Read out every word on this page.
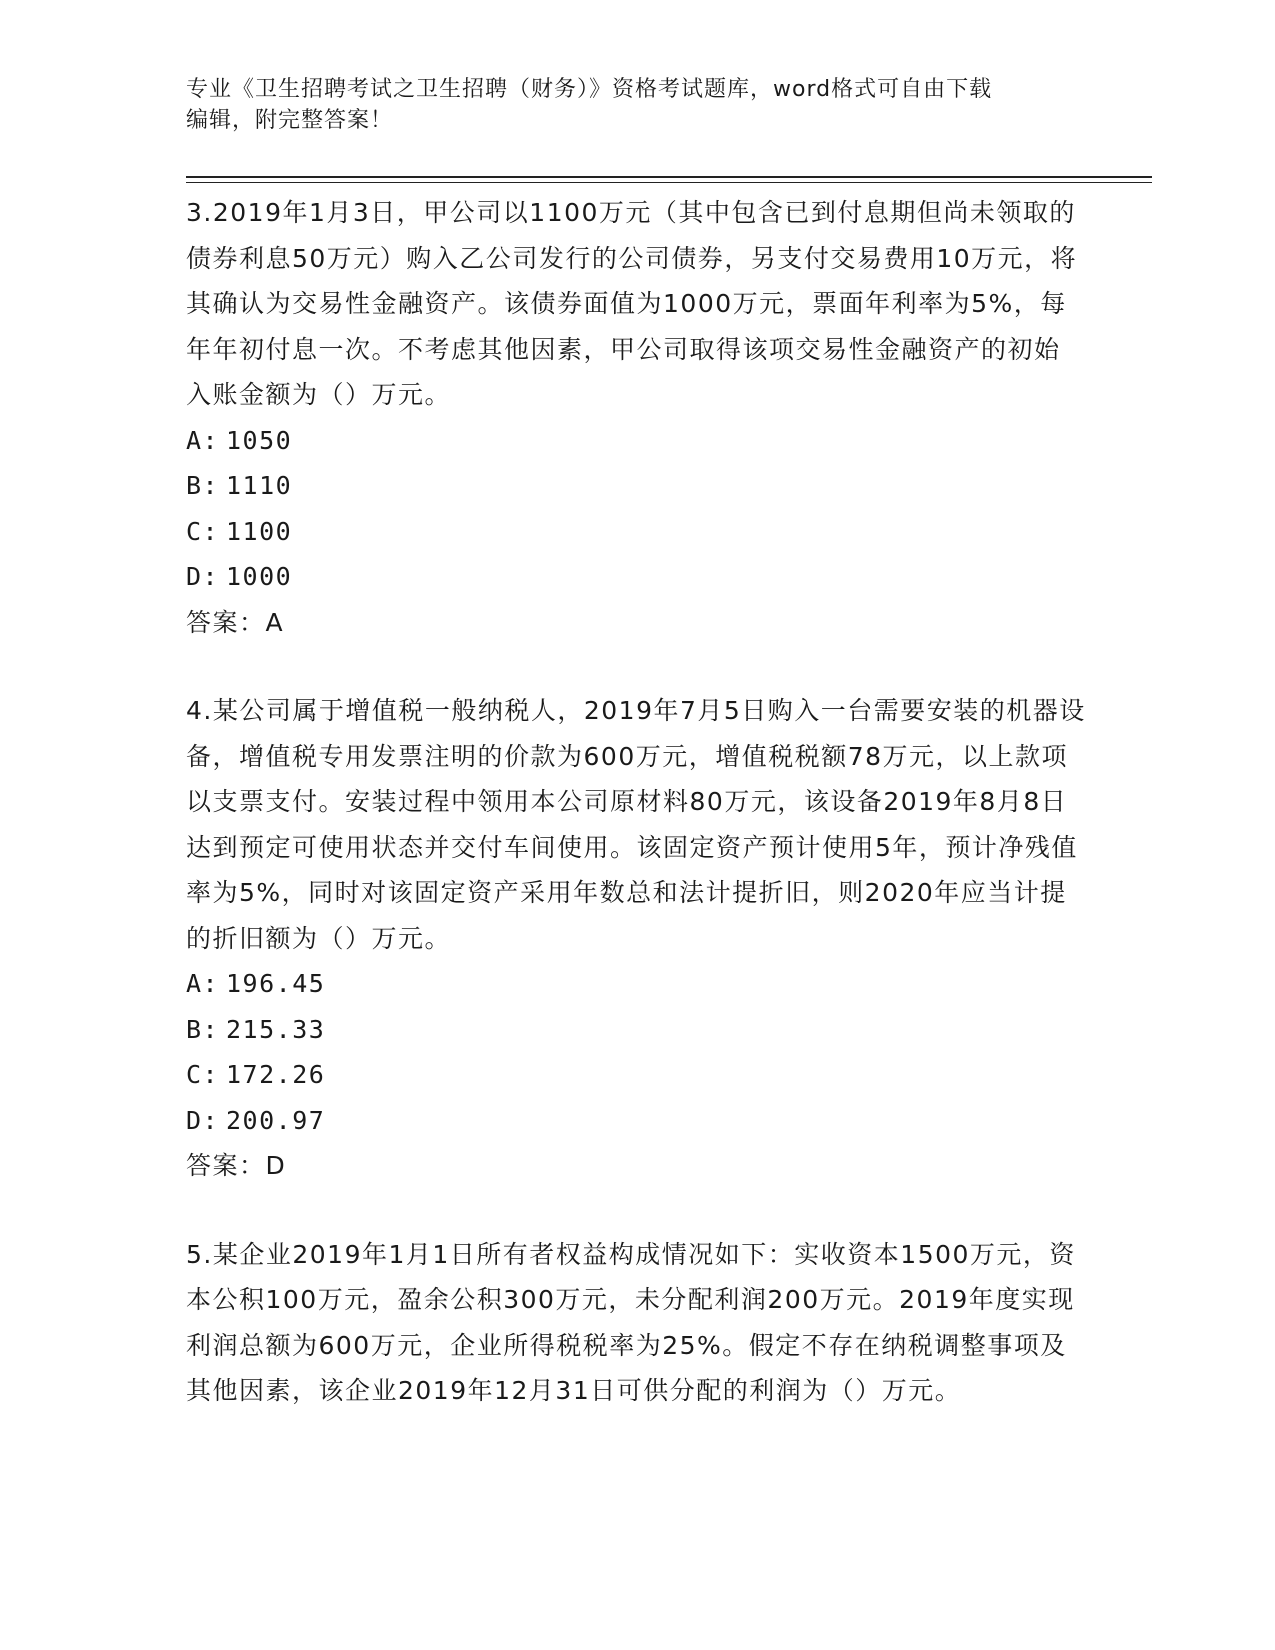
专业《卫生招聘考试之卫生招聘（财务）》资格考试题库，word格式可自由下载
编辑，附完整答案！

3.2019年1月3日，甲公司以1100万元（其中包含已到付息期但尚未领取的债券利息50万元）购入乙公司发行的公司债券，另支付交易费用10万元，将其确认为交易性金融资产。该债券面值为1000万元，票面年利率为5%，每年年初付息一次。不考虑其他因素，甲公司取得该项交易性金融资产的初始入账金额为（）万元。

A: 1050

B: 1110

C: 1100

D: 1000

答案：A

4.某公司属于增值税一般纳税人，2019年7月5日购入一台需要安装的机器设备，增值税专用发票注明的价款为600万元，增值税税额78万元，以上款项以支票支付。安装过程中领用本公司原材料80万元，该设备2019年8月8日达到预定可使用状态并交付车间使用。该固定资产预计使用5年，预计净残值率为5%，同时对该固定资产采用年数总和法计提折旧，则2020年应当计提的折旧额为（）万元。

A: 196.45

B: 215.33

C: 172.26

D: 200.97

答案：D

5.某企业2019年1月1日所有者权益构成情况如下：实收资本1500万元，资本公积100万元，盈余公积300万元，未分配利润200万元。2019年度实现利润总额为600万元，企业所得税税率为25%。假定不存在纳税调整事项及其他因素，该企业2019年12月31日可供分配的利润为（）万元。
